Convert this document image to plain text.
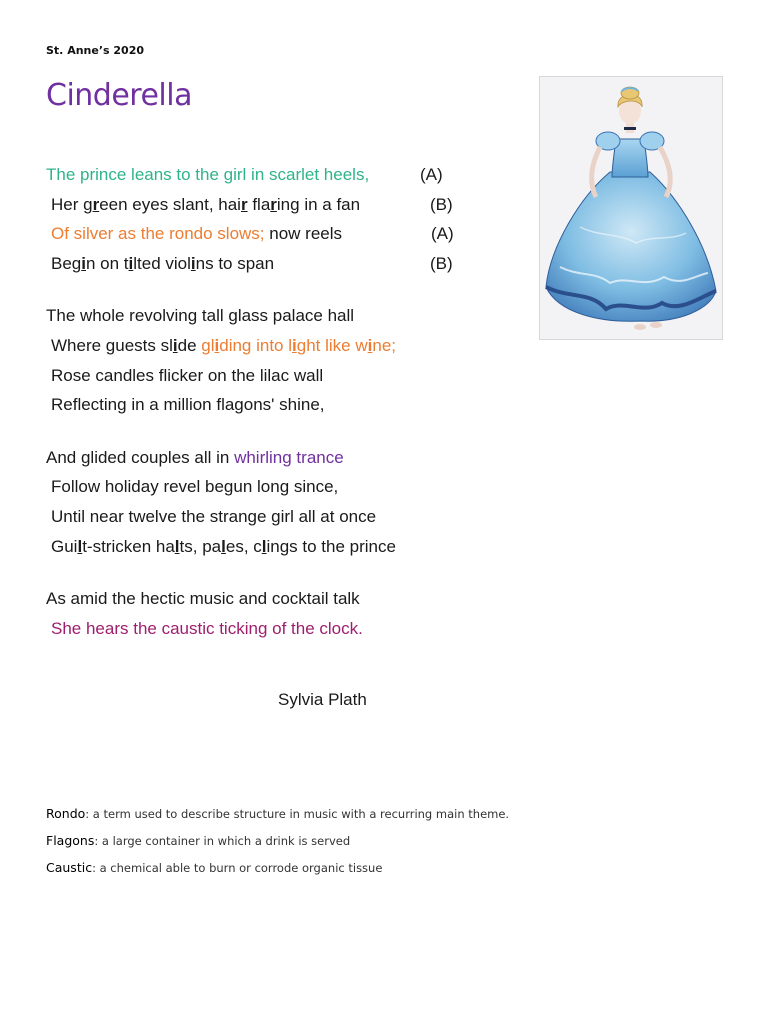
St. Anne’s 2020
Cinderella
The prince leans to the girl in scarlet heels,	(A)
Her green eyes slant, hair flaring in a fan	(B)
Of silver as the rondo slows; now reels	(A)
Begin on tilted violins to span	(B)
The whole revolving tall glass palace hall
Where guests slide gliding into light like wine;
Rose candles flicker on the lilac wall
Reflecting in a million flagons' shine,
And glided couples all in whirling trance
Follow holiday revel begun long since,
Until near twelve the strange girl all at once
Guilt-stricken halts, pales, clings to the prince
As amid the hectic music and cocktail talk
She hears the caustic ticking of the clock.
Sylvia Plath
Rondo: a term used to describe structure in music with a recurring main theme.
Flagons: a large container in which a drink is served
Caustic: a chemical able to burn or corrode organic tissue
